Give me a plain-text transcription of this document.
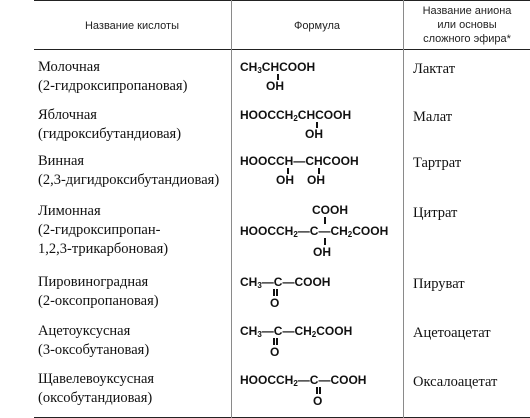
Название кислоты	Формула
Название аниона
или основы
сложного эфира*
Молочная
(2-гидроксипропановая)
$CH_3CHCOOH$
OH
Лактат
Яблочная
(гидроксибутандиовая)
$HOOCCH_2CHCOOH$
OH
Малат
Винная
(2,3-дигидроксибутандиовая)
HOOCCH—CHCOOH
OH OH
Тартрат
Лимонная
(2-гидроксипропан-
1,2,3-трикарбоновая)
COOH
$HOOCCH_2—C—CH_2COOH$
OH
Цитрат
Пировиноградная
(2-оксопропановая)
$CH_3—C—COOH$
O
Пируват
Ацетоуксусная
(3-оксобутановая)
$CH_3—C—CH_2COOH$
O
Ацетоацетат
Щавелевоуксусная
(оксобутандиовая)
$HOOCCH_2—C—COOH$
O
Оксалоацетат
